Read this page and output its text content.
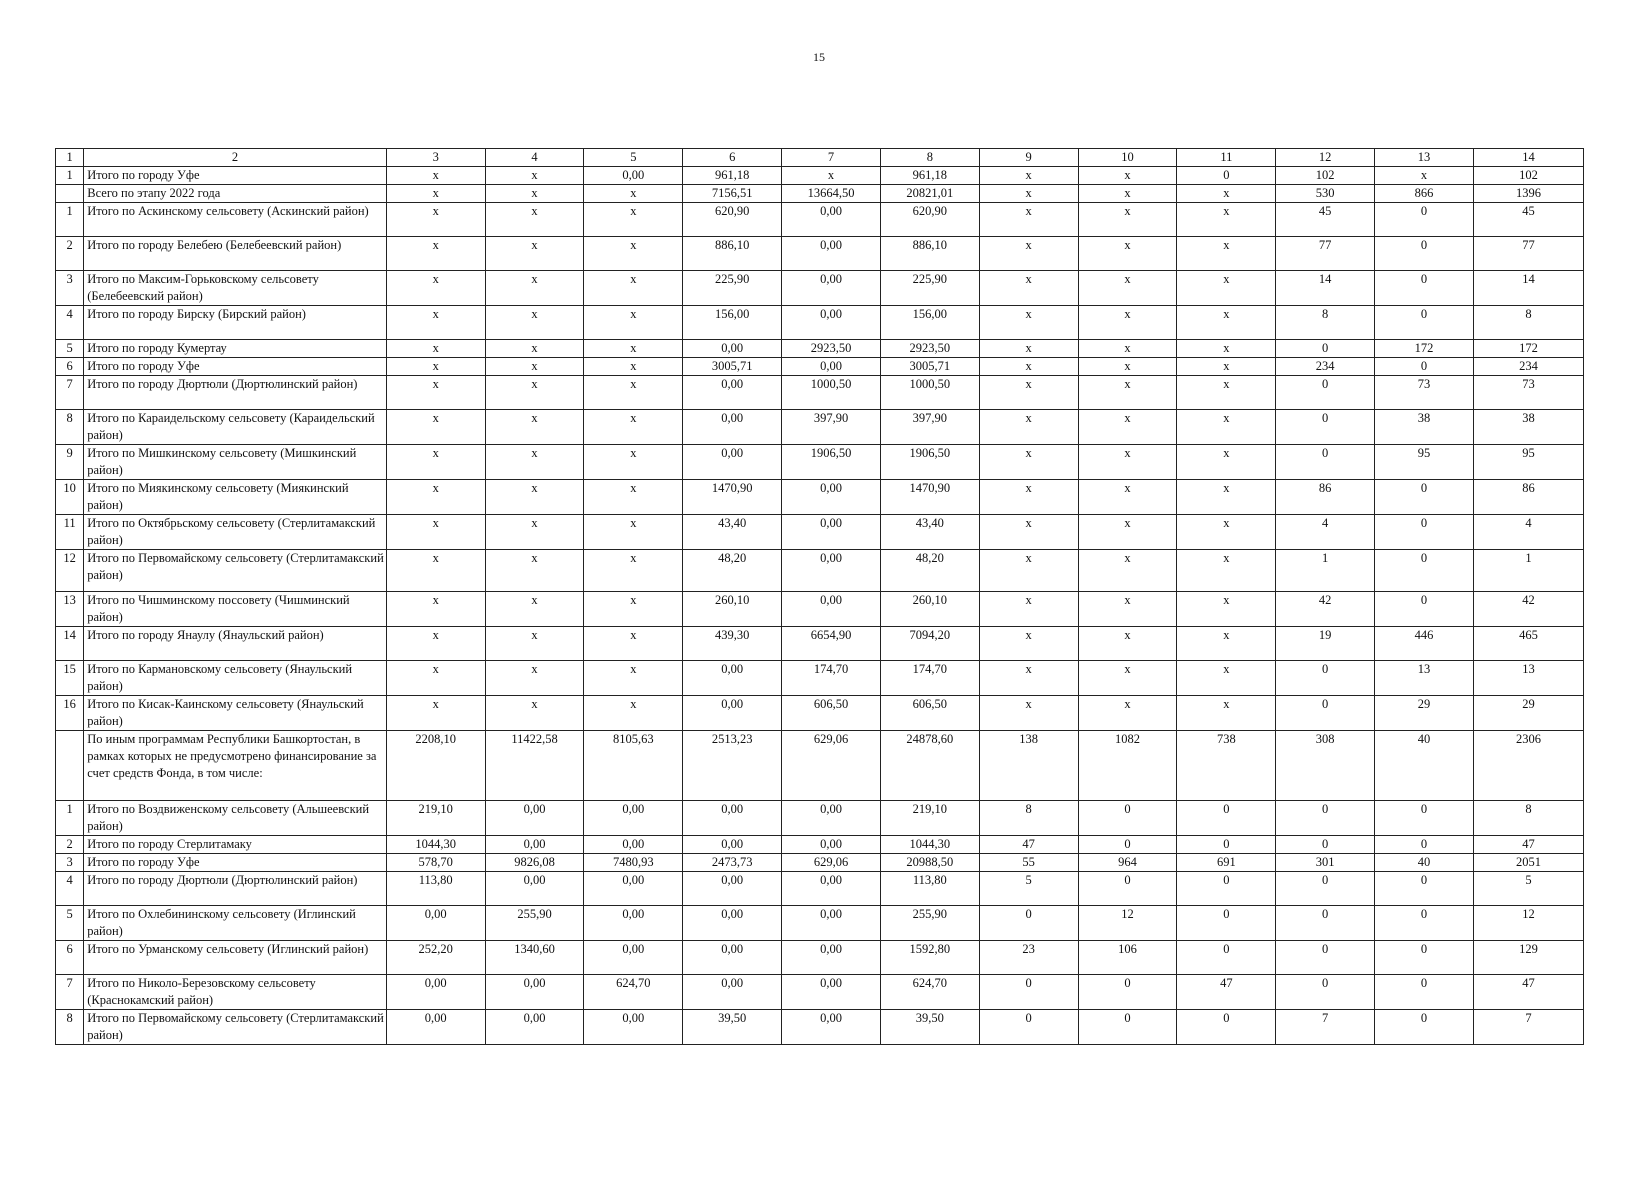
15
1	2	3	4	5	6	7	8	9	10	11	12	13	14
1	Итого по городу Уфе	х	х	0,00	961,18	х	961,18	х	х	0	102	х	102
	Всего по этапу 2022 года	х	х	х	7156,51	13664,50	20821,01	х	х	х	530	866	1396
1	Итого по Аскинскому сельсовету (Аскинский район)	х	х	х	620,90	0,00	620,90	х	х	х	45	0	45
2	Итого по городу Белебею (Белебеевский район)	х	х	х	886,10	0,00	886,10	х	х	х	77	0	77
3	Итого по Максим-Горьковскому сельсовету (Белебеевский район)	х	х	х	225,90	0,00	225,90	х	х	х	14	0	14
4	Итого по городу Бирску (Бирский район)	х	х	х	156,00	0,00	156,00	х	х	х	8	0	8
5	Итого по городу Кумертау	х	х	х	0,00	2923,50	2923,50	х	х	х	0	172	172
6	Итого по городу Уфе	х	х	х	3005,71	0,00	3005,71	х	х	х	234	0	234
7	Итого по городу Дюртюли (Дюртюлинский район)	х	х	х	0,00	1000,50	1000,50	х	х	х	0	73	73
8	Итого по Караидельскому сельсовету (Караидельский район)	х	х	х	0,00	397,90	397,90	х	х	х	0	38	38
9	Итого по Мишкинскому сельсовету (Мишкинский район)	х	х	х	0,00	1906,50	1906,50	х	х	х	0	95	95
10	Итого по Миякинскому сельсовету (Миякинский район)	х	х	х	1470,90	0,00	1470,90	х	х	х	86	0	86
11	Итого по Октябрьскому сельсовету (Стерлитамакский район)	х	х	х	43,40	0,00	43,40	х	х	х	4	0	4
12	Итого по Первомайскому сельсовету (Стерлитамакский район)	х	х	х	48,20	0,00	48,20	х	х	х	1	0	1
13	Итого по Чишминскому поссовету (Чишминский район)	х	х	х	260,10	0,00	260,10	х	х	х	42	0	42
14	Итого по городу Янаулу (Янаульский район)	х	х	х	439,30	6654,90	7094,20	х	х	х	19	446	465
15	Итого по Кармановскому сельсовету (Янаульский район)	х	х	х	0,00	174,70	174,70	х	х	х	0	13	13
16	Итого по Кисак-Каинскому сельсовету (Янаульский район)	х	х	х	0,00	606,50	606,50	х	х	х	0	29	29
	По иным программам Республики Башкортостан, в рамках которых не предусмотрено финансирование за счет средств Фонда, в том числе:	2208,10	11422,58	8105,63	2513,23	629,06	24878,60	138	1082	738	308	40	2306
1	Итого по Воздвиженскому сельсовету (Альшеевский район)	219,10	0,00	0,00	0,00	0,00	219,10	8	0	0	0	0	8
2	Итого по городу Стерлитамаку	1044,30	0,00	0,00	0,00	0,00	1044,30	47	0	0	0	0	47
3	Итого по городу Уфе	578,70	9826,08	7480,93	2473,73	629,06	20988,50	55	964	691	301	40	2051
4	Итого по городу Дюртюли (Дюртюлинский район)	113,80	0,00	0,00	0,00	0,00	113,80	5	0	0	0	0	5
5	Итого по Охлебининскому сельсовету (Иглинский район)	0,00	255,90	0,00	0,00	0,00	255,90	0	12	0	0	0	12
6	Итого по Урманскому сельсовету (Иглинский район)	252,20	1340,60	0,00	0,00	0,00	1592,80	23	106	0	0	0	129
7	Итого по Николо-Березовскому сельсовету (Краснокамский район)	0,00	0,00	624,70	0,00	0,00	624,70	0	0	47	0	0	47
8	Итого по Первомайскому сельсовету (Стерлитамакский район)	0,00	0,00	0,00	39,50	0,00	39,50	0	0	0	7	0	7
